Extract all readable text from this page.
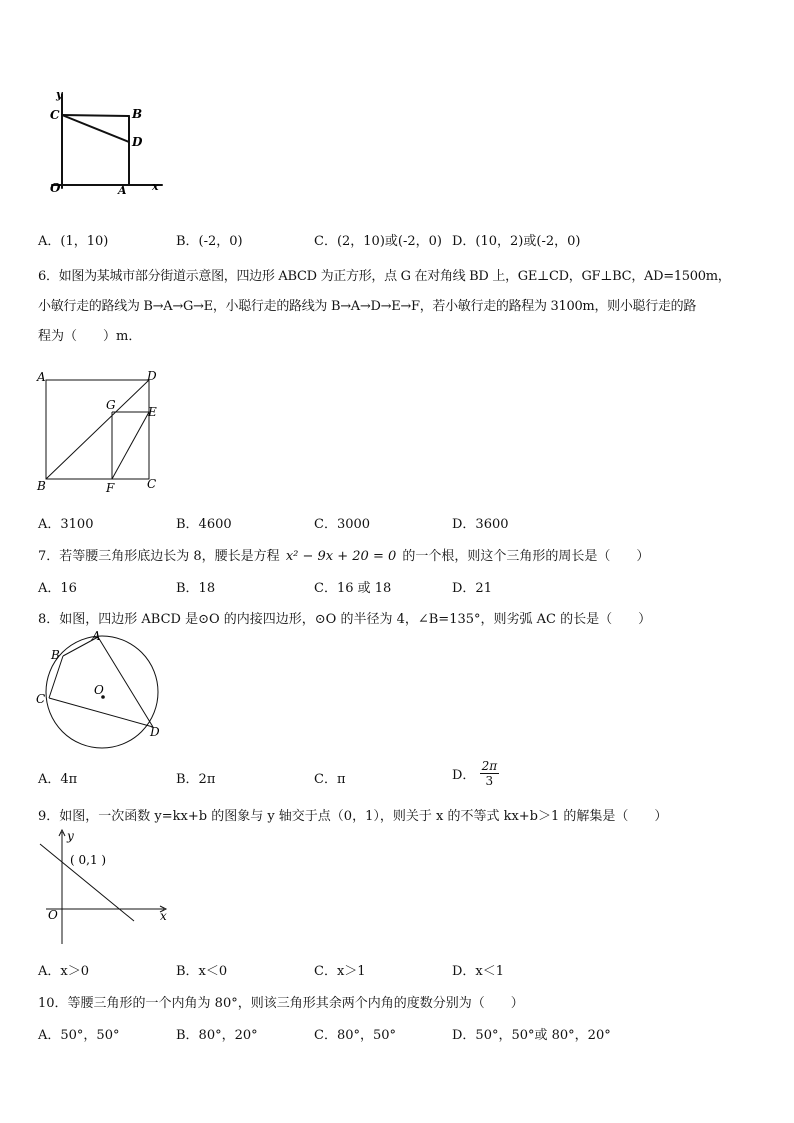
y
C	B
D
O	A x
A．(1，10)	B．(-2，0)	C．(2，10)或(-2，0) D．(10，2)或(-2，0)
6．如图为某城市部分街道示意图，四边形 ABCD 为正方形，点 G 在对角线 BD 上，GE⊥CD，GF⊥BC，AD=1500m，
小敏行走的路线为 B→A→G→E，小聪行走的路线为 B→A→D→E→F，若小敏行走的路程为 3100m，则小聪行走的路
程为（　　）m．
A	D
G	E
B	F	C
A．3100	B．4600	C．3000	D．3600
7．若等腰三角形底边长为 8，腰长是方程 x² − 9x + 20 = 0 的一个根，则这个三角形的周长是（　　）
A．16	B．18	C．16 或 18	D．21
8．如图，四边形 ABCD 是⊙O 的内接四边形，⊙O 的半径为 4，∠B=135°，则劣弧 AC 的长是（　　）
A
B
C
O
D
A．4π	B．2π	C．π	D． $\frac{2\pi}{3}$
9．如图，一次函数 y=kx+b 的图象与 y 轴交于点（0，1），则关于 x 的不等式 kx+b＞1 的解集是（　　）
y
( 0,1 )
O	x
A．x＞0	B．x＜0	C．x＞1	D．x＜1
10．等腰三角形的一个内角为 80°，则该三角形其余两个内角的度数分别为（　　）
A．50°，50°	B．80°，20°	C．80°，50°	D．50°，50°或 80°，20°
